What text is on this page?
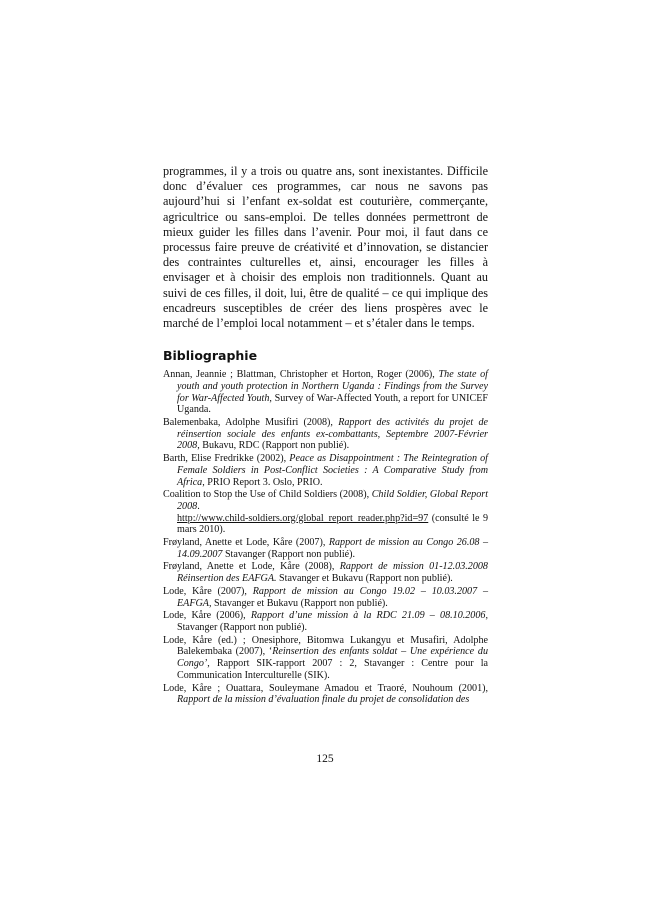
programmes, il y a trois ou quatre ans, sont inexistantes. Difficile donc d’évaluer ces programmes, car nous ne savons pas aujourd’hui si l’enfant ex-soldat est couturière, commerçante, agricultrice ou sans-emploi. De telles données permettront de mieux guider les filles dans l’avenir. Pour moi, il faut dans ce processus faire preuve de créativité et d’innovation, se distancier des contraintes culturelles et, ainsi, encourager les filles à envisager et à choisir des emplois non traditionnels. Quant au suivi de ces filles, il doit, lui, être de qualité – ce qui implique des encadreurs susceptibles de créer des liens prospères avec le marché de l’emploi local notamment – et s’étaler dans le temps.

Bibliographie

Annan, Jeannie ; Blattman, Christopher et Horton, Roger (2006), The state of youth and youth protection in Northern Uganda : Findings from the Survey for War-Affected Youth, Survey of War-Affected Youth, a report for UNICEF Uganda.

Balemenbaka, Adolphe Musifiri (2008), Rapport des activités du projet de réinsertion sociale des enfants ex-combattants, Septembre 2007-Février 2008, Bukavu, RDC (Rapport non publié).

Barth, Elise Fredrikke (2002), Peace as Disappointment : The Reintegration of Female Soldiers in Post-Conflict Societies : A Comparative Study from Africa, PRIO Report 3. Oslo, PRIO.

Coalition to Stop the Use of Child Soldiers (2008), Child Soldier, Global Report 2008.
http://www.child-soldiers.org/global_report_reader.php?id=97 (consulté le 9 mars 2010).

Frøyland, Anette et Lode, Kåre (2007), Rapport de mission au Congo 26.08 – 14.09.2007 Stavanger (Rapport non publié).

Frøyland, Anette et Lode, Kåre (2008), Rapport de mission 01-12.03.2008 Réinsertion des EAFGA. Stavanger et Bukavu (Rapport non publié).

Lode, Kåre (2007), Rapport de mission au Congo 19.02 – 10.03.2007 – EAFGA, Stavanger et Bukavu (Rapport non publié).

Lode, Kåre (2006), Rapport d’une mission à la RDC 21.09 – 08.10.2006, Stavanger (Rapport non publié).

Lode, Kåre (ed.) ; Onesiphore, Bitomwa Lukangyu et Musafiri, Adolphe Balekembaka (2007), ‘Reinsertion des enfants soldat – Une expérience du Congo’, Rapport SIK-rapport 2007 : 2, Stavanger : Centre pour la Communication Interculturelle (SIK).

Lode, Kåre ; Ouattara, Souleymane Amadou et Traoré, Nouhoum (2001), Rapport de la mission d’évaluation finale du projet de consolidation des

125
